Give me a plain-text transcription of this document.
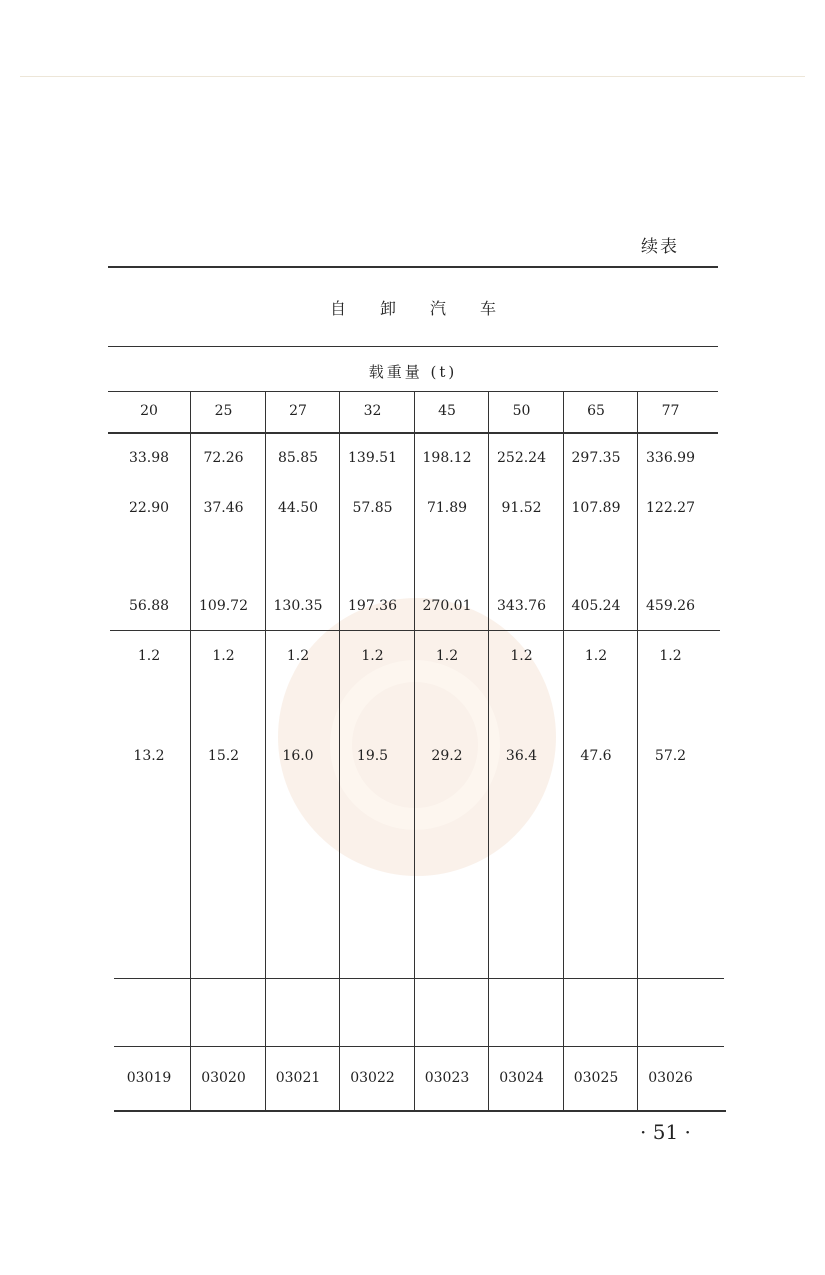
续表
自卸汽车
载重量 (t)
20	25	27	32	45	50	65	77
33.98	72.26	85.85	139.51	198.12	252.24	297.35	336.99
22.90	37.46	44.50	57.85	71.89	91.52	107.89	122.27
56.88	109.72	130.35	197.36	270.01	343.76	405.24	459.26
1.2	1.2	1.2	1.2	1.2	1.2	1.2	1.2
13.2	15.2	16.0	19.5	29.2	36.4	47.6	57.2
03019	03020	03021	03022	03023	03024	03025	03026
· 51 ·
